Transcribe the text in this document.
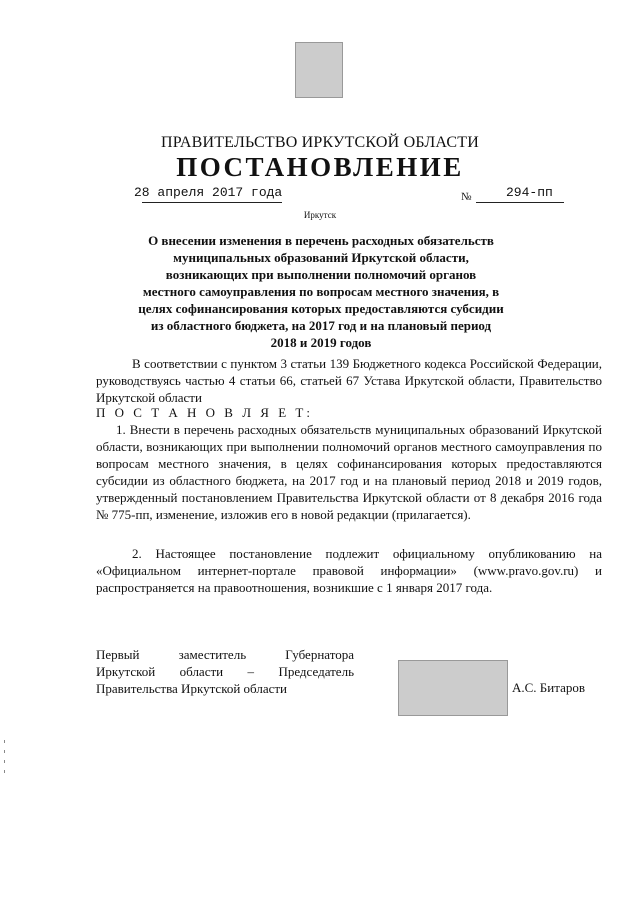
ПРАВИТЕЛЬСТВО ИРКУТСКОЙ ОБЛАСТИ
ПОСТАНОВЛЕНИЕ
28 апреля 2017 года	№	294-пп
Иркутск
О внесении изменения в перечень расходных обязательств муниципальных образований Иркутской области, возникающих при выполнении полномочий органов местного самоуправления по вопросам местного значения, в целях софинансирования которых предоставляются субсидии из областного бюджета, на 2017 год и на плановый период 2018 и 2019 годов
В соответствии с пунктом 3 статьи 139 Бюджетного кодекса Российской Федерации, руководствуясь частью 4 статьи 66, статьей 67 Устава Иркутской области, Правительство Иркутской области
П О С Т А Н О В Л Я Е Т:
1. Внести в перечень расходных обязательств муниципальных образований Иркутской области, возникающих при выполнении полномочий органов местного самоуправления по вопросам местного значения, в целях софинансирования которых предоставляются субсидии из областного бюджета, на 2017 год и на плановый период 2018 и 2019 годов, утвержденный постановлением Правительства Иркутской области от 8 декабря 2016 года № 775-пп, изменение, изложив его в новой редакции (прилагается).
2. Настоящее постановление подлежит официальному опубликованию на «Официальном интернет-портале правовой информации» (www.pravo.gov.ru) и распространяется на правоотношения, возникшие с 1 января 2017 года.
Первый заместитель Губернатора
Иркутской области – Председатель
Правительства Иркутской области	А.С. Битаров
